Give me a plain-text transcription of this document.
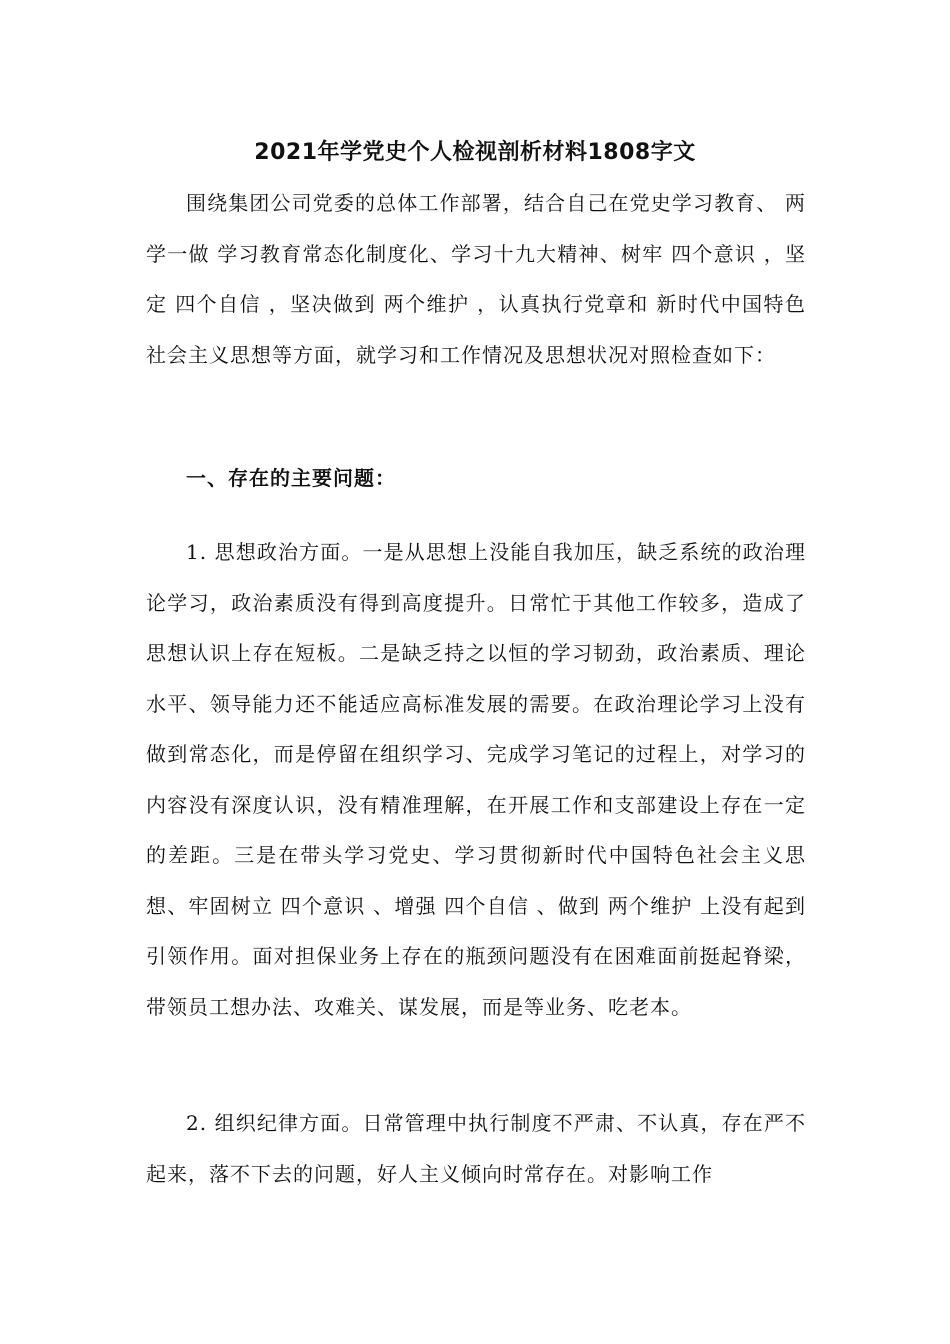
2021年学党史个人检视剖析材料1808字文

围绕集团公司党委的总体工作部署，结合自己在党史学习教育、 两学一做 学习教育常态化制度化、学习十九大精神、树牢 四个意识 ，坚定 四个自信 ，坚决做到 两个维护 ，认真执行党章和 新时代中国特色社会主义思想等方面，就学习和工作情况及思想状况对照检查如下：

一、存在的主要问题：

1. 思想政治方面。一是从思想上没能自我加压，缺乏系统的政治理论学习，政治素质没有得到高度提升。日常忙于其他工作较多，造成了思想认识上存在短板。二是缺乏持之以恒的学习韧劲，政治素质、理论水平、领导能力还不能适应高标准发展的需要。在政治理论学习上没有做到常态化，而是停留在组织学习、完成学习笔记的过程上，对学习的内容没有深度认识，没有精准理解，在开展工作和支部建设上存在一定的差距。三是在带头学习党史、学习贯彻新时代中国特色社会主义思想、牢固树立 四个意识 、增强 四个自信 、做到 两个维护 上没有起到引领作用。面对担保业务上存在的瓶颈问题没有在困难面前挺起脊梁，带领员工想办法、攻难关、谋发展，而是等业务、吃老本。

2. 组织纪律方面。日常管理中执行制度不严肃、不认真，存在严不起来，落不下去的问题，好人主义倾向时常存在。对影响工作
